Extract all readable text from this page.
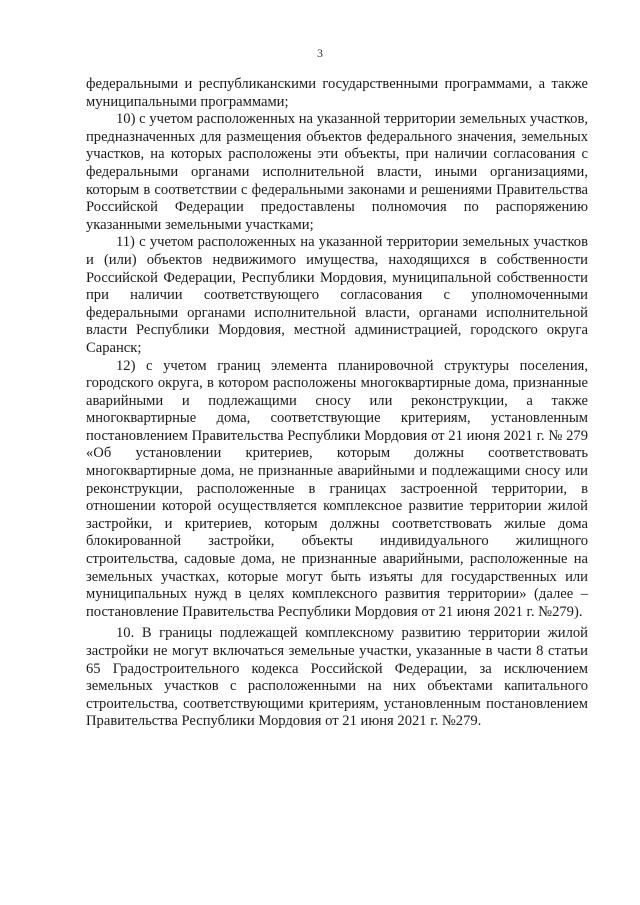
3

федеральными и республиканскими государственными программами, а также муниципальными программами;

10) с учетом расположенных на указанной территории земельных участков, предназначенных для размещения объектов федерального значения, земельных участков, на которых расположены эти объекты, при наличии согласования с федеральными органами исполнительной власти, иными организациями, которым в соответствии с федеральными законами и решениями Правительства Российской Федерации предоставлены полномочия по распоряжению указанными земельными участками;

11) с учетом расположенных на указанной территории земельных участков и (или) объектов недвижимого имущества, находящихся в собственности Российской Федерации, Республики Мордовия, муниципальной собственности при наличии соответствующего согласования с уполномоченными федеральными органами исполнительной власти, органами исполнительной власти Республики Мордовия, местной администрацией, городского округа Саранск;

12) с учетом границ элемента планировочной структуры поселения, городского округа, в котором расположены многоквартирные дома, признанные аварийными и подлежащими сносу или реконструкции, а также многоквартирные дома, соответствующие критериям, установленным постановлением Правительства Республики Мордовия от 21 июня 2021 г. № 279 «Об установлении критериев, которым должны соответствовать многоквартирные дома, не признанные аварийными и подлежащими сносу или реконструкции, расположенные в границах застроенной территории, в отношении которой осуществляется комплексное развитие территории жилой застройки, и критериев, которым должны соответствовать жилые дома блокированной застройки, объекты индивидуального жилищного строительства, садовые дома, не признанные аварийными, расположенные на земельных участках, которые могут быть изъяты для государственных или муниципальных нужд в целях комплексного развития территории» (далее – постановление Правительства Республики Мордовия от 21 июня 2021 г. №279).

10. В границы подлежащей комплексному развитию территории жилой застройки не могут включаться земельные участки, указанные в части 8 статьи 65 Градостроительного кодекса Российской Федерации, за исключением земельных участков с расположенными на них объектами капитального строительства, соответствующими критериям, установленным постановлением Правительства Республики Мордовия от 21 июня 2021 г. №279.
